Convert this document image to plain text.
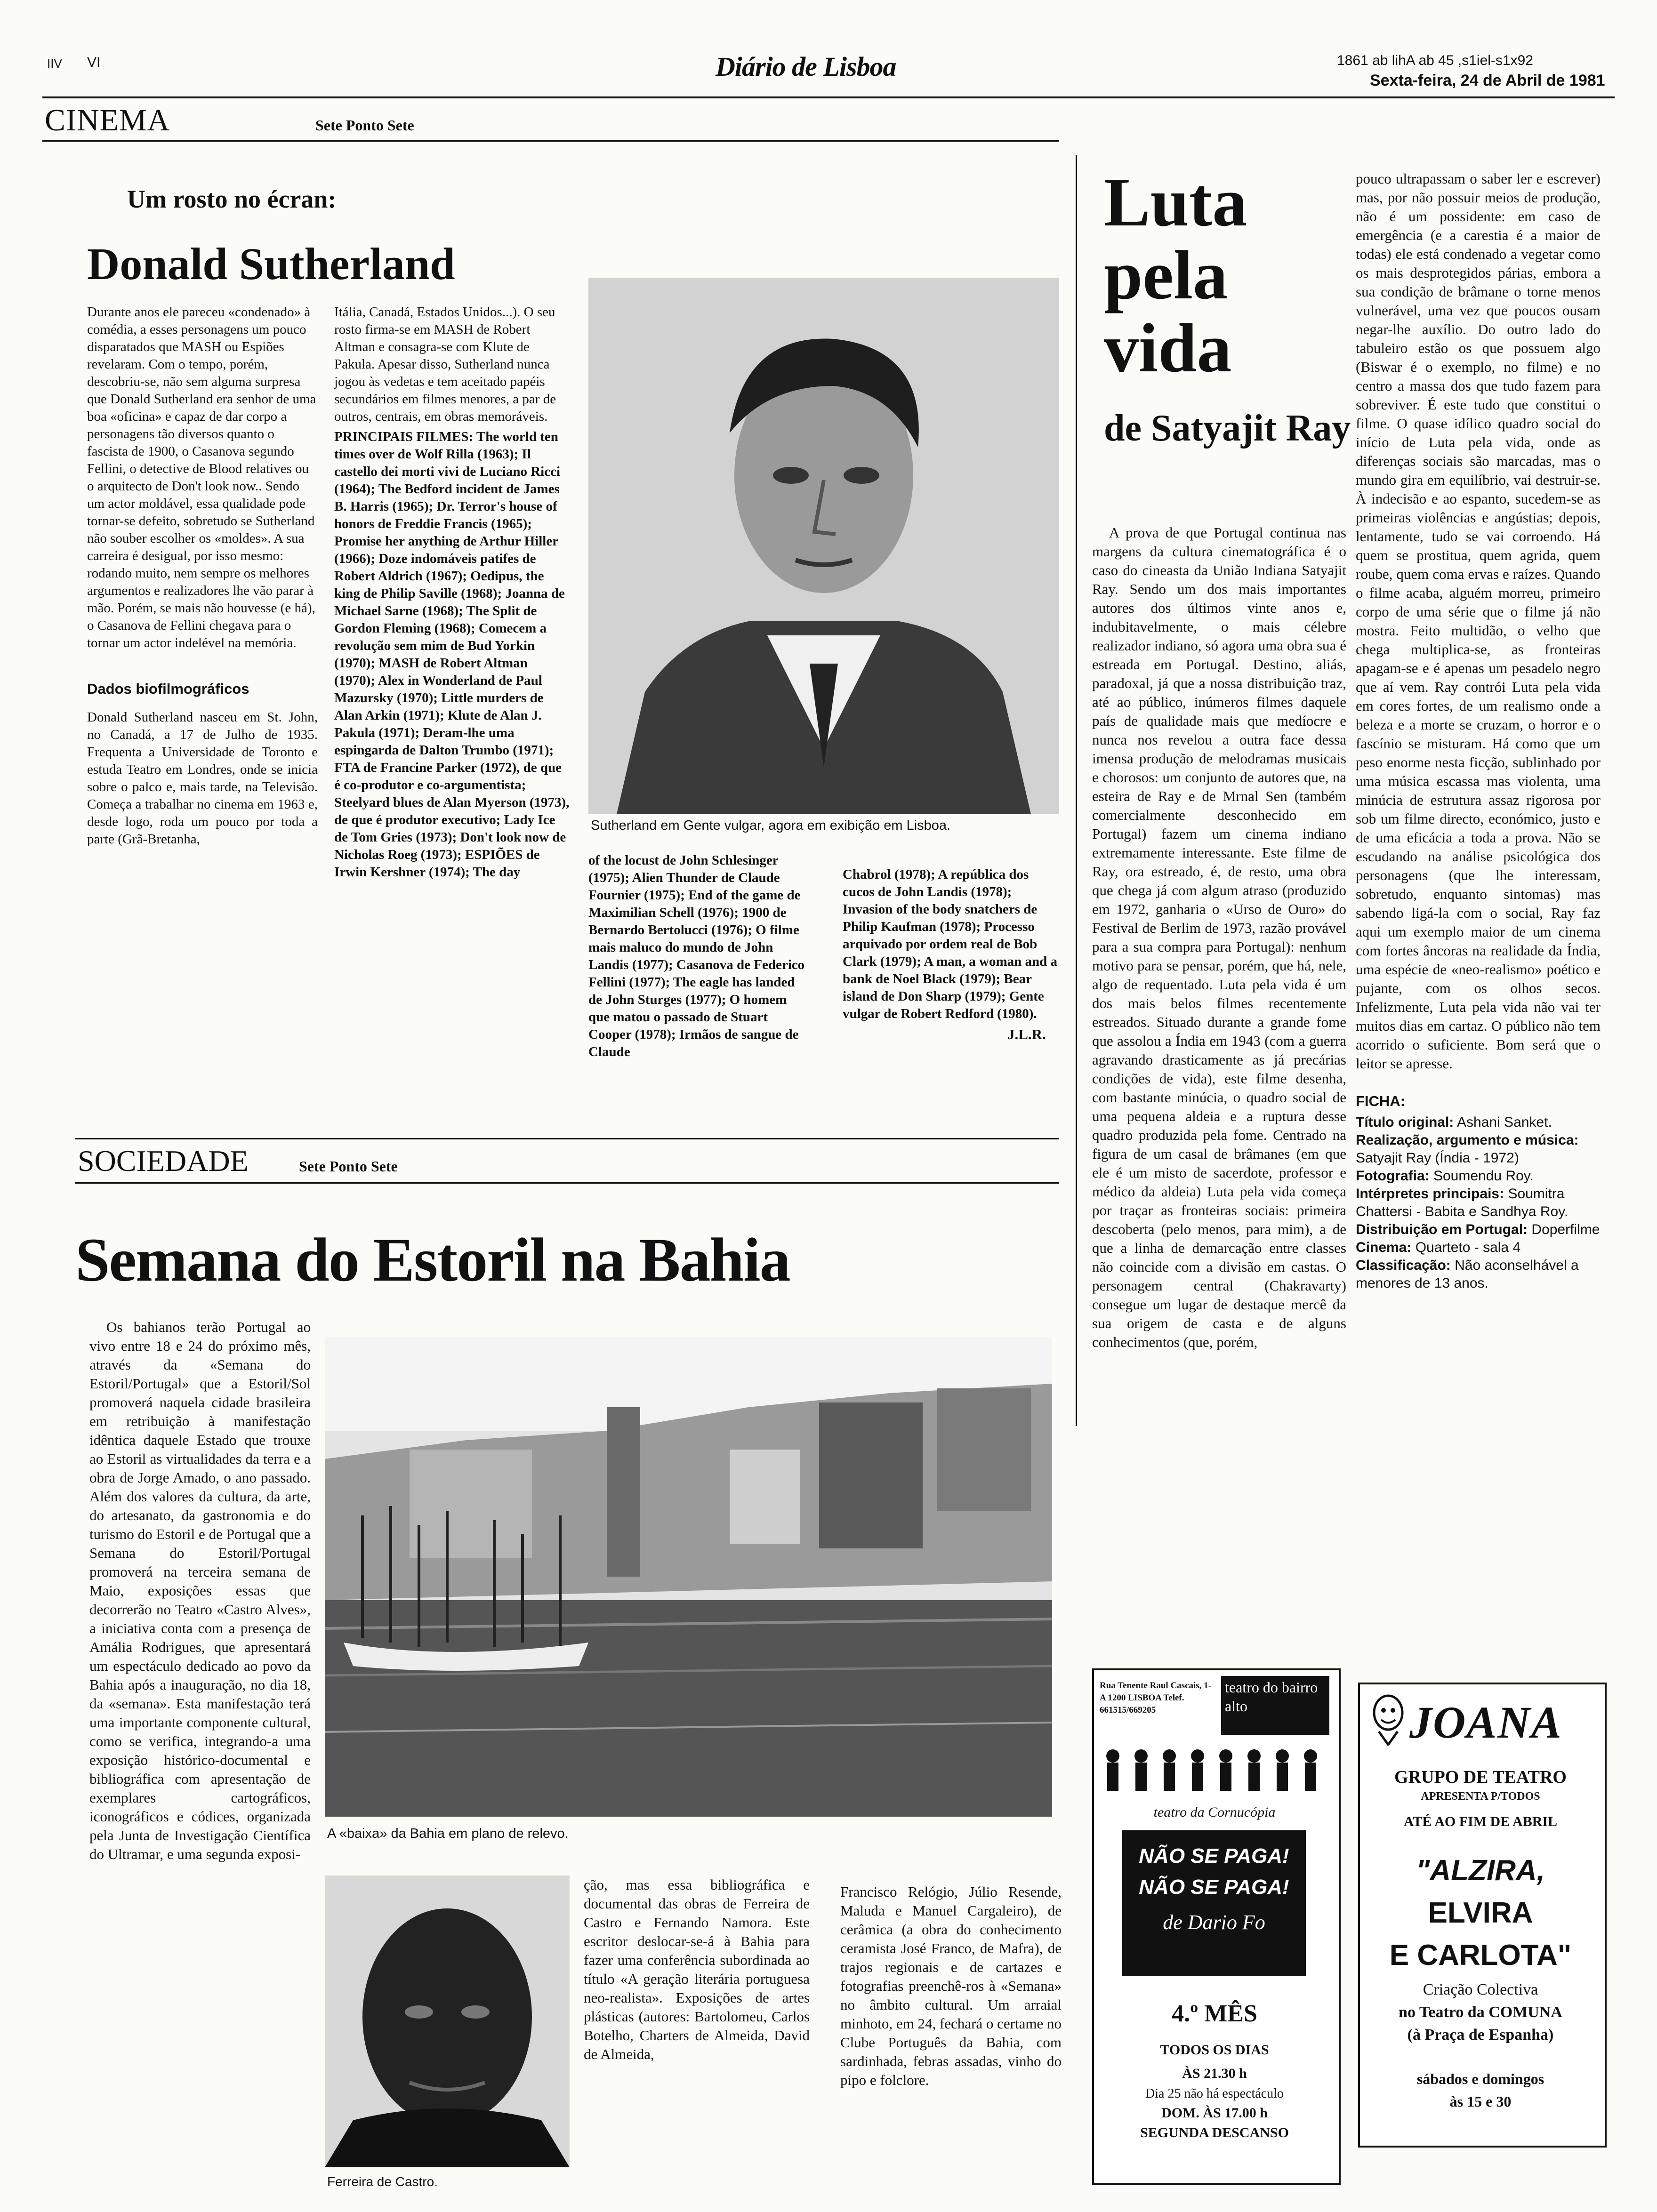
IIV VI	Diário de Lisboa	1861 ab lihA ab 45 ,s1iel-s1x92
Sexta-feira, 24 de Abril de 1981
CINEMA	Sete Ponto Sete
Um rosto no écran:
Donald Sutherland

Durante anos ele pareceu «condenado» à comédia, a esses personagens um pouco disparatados que MASH ou Espiões revelaram. Com o tempo, porém, descobriu-se, não sem alguma surpresa que Donald Sutherland era senhor de uma boa «oficina» e capaz de dar corpo a personagens tão diversos quanto o fascista de 1900, o Casanova segundo Fellini, o detective de Blood relatives ou o arquitecto de Don't look now.. Sendo um actor moldável, essa qualidade pode tornar-se defeito, sobretudo se Sutherland não souber escolher os «moldes». A sua carreira é desigual, por isso mesmo: rodando muito, nem sempre os melhores argumentos e realizadores lhe vão parar à mão. Porém, se mais não houvesse (e há), o Casanova de Fellini chegava para o tornar um actor indelével na memória.

Dados biofilmográficos

Donald Sutherland nasceu em St. John, no Canadá, a 17 de Julho de 1935. Frequenta a Universidade de Toronto e estuda Teatro em Londres, onde se inicia sobre o palco e, mais tarde, na Televisão. Começa a trabalhar no cinema em 1963 e, desde logo, roda um pouco por toda a parte (Grã-Bretanha,

Itália, Canadá, Estados Unidos...). O seu rosto firma-se em MASH de Robert Altman e consagra-se com Klute de Pakula. Apesar disso, Sutherland nunca jogou às vedetas e tem aceitado papéis secundários em filmes menores, a par de outros, centrais, em obras memoráveis.

PRINCIPAIS FILMES: The world ten times over de Wolf Rilla (1963); Il castello dei morti vivi de Luciano Ricci (1964); The Bedford incident de James B. Harris (1965); Dr. Terror's house of honors de Freddie Francis (1965); Promise her anything de Arthur Hiller (1966); Doze indomáveis patifes de Robert Aldrich (1967); Oedipus, the king de Philip Saville (1968); Joanna de Michael Sarne (1968); The Split de Gordon Fleming (1968); Comecem a revolução sem mim de Bud Yorkin (1970); MASH de Robert Altman (1970); Alex in Wonderland de Paul Mazursky (1970); Little murders de Alan Arkin (1971); Klute de Alan J. Pakula (1971); Deram-lhe uma espingarda de Dalton Trumbo (1971); FTA de Francine Parker (1972), de que é co-produtor e co-argumentista; Steelyard blues de Alan Myerson (1973), de que é produtor executivo; Lady Ice de Tom Gries (1973); Don't look now de Nicholas Roeg (1973); ESPIÕES de Irwin Kershner (1974); The day

Sutherland em Gente vulgar, agora em exibição em Lisboa.

of the locust de John Schlesinger (1975); Alien Thunder de Claude Fournier (1975); End of the game de Maximilian Schell (1976); 1900 de Bernardo Bertolucci (1976); O filme mais maluco do mundo de John Landis (1977); Casanova de Federico Fellini (1977); The eagle has landed de John Sturges (1977); O homem que matou o passado de Stuart Cooper (1978); Irmãos de sangue de Claude

Chabrol (1978); A república dos cucos de John Landis (1978); Invasion of the body snatchers de Philip Kaufman (1978); Processo arquivado por ordem real de Bob Clark (1979); A man, a woman and a bank de Noel Black (1979); Bear island de Don Sharp (1979); Gente vulgar de Robert Redford (1980).

J.L.R.
Luta
pela
vida
de Satyajit Ray

A prova de que Portugal continua nas margens da cultura cinematográfica é o caso do cineasta da União Indiana Satyajit Ray. Sendo um dos mais importantes autores dos últimos vinte anos e, indubitavelmente, o mais célebre realizador indiano, só agora uma obra sua é estreada em Portugal. Destino, aliás, paradoxal, já que a nossa distribuição traz, até ao público, inúmeros filmes daquele país de qualidade mais que medíocre e nunca nos revelou a outra face dessa imensa produção de melodramas musicais e chorosos: um conjunto de autores que, na esteira de Ray e de Mrnal Sen (também comercialmente desconhecido em Portugal) fazem um cinema indiano extremamente interessante. Este filme de Ray, ora estreado, é, de resto, uma obra que chega já com algum atraso (produzido em 1972, ganharia o «Urso de Ouro» do Festival de Berlim de 1973, razão provável para a sua compra para Portugal): nenhum motivo para se pensar, porém, que há, nele, algo de requentado. Luta pela vida é um dos mais belos filmes recentemente estreados. Situado durante a grande fome que assolou a Índia em 1943 (com a guerra agravando drasticamente as já precárias condições de vida), este filme desenha, com bastante minúcia, o quadro social de uma pequena aldeia e a ruptura desse quadro produzida pela fome. Centrado na figura de um casal de brâmanes (em que ele é um misto de sacerdote, professor e médico da aldeia) Luta pela vida começa por traçar as fronteiras sociais: primeira descoberta (pelo menos, para mim), a de que a linha de demarcação entre classes não coincide com a divisão em castas. O personagem central (Chakravarty) consegue um lugar de destaque mercê da sua origem de casta e de alguns conhecimentos (que, porém,

pouco ultrapassam o saber ler e escrever) mas, por não possuir meios de produção, não é um possidente: em caso de emergência (e a carestia é a maior de todas) ele está condenado a vegetar como os mais desprotegidos párias, embora a sua condição de brâmane o torne menos vulnerável, uma vez que poucos ousam negar-lhe auxílio. Do outro lado do tabuleiro estão os que possuem algo (Biswar é o exemplo, no filme) e no centro a massa dos que tudo fazem para sobreviver. É este tudo que constitui o filme. O quase idílico quadro social do início de Luta pela vida, onde as diferenças sociais são marcadas, mas o mundo gira em equilíbrio, vai destruir-se. À indecisão e ao espanto, sucedem-se as primeiras violências e angústias; depois, lentamente, tudo se vai corroendo. Há quem se prostitua, quem agrida, quem roube, quem coma ervas e raízes. Quando o filme acaba, alguém morreu, primeiro corpo de uma série que o filme já não mostra. Feito multidão, o velho que chega multiplica-se, as fronteiras apagam-se e é apenas um pesadelo negro que aí vem. Ray contrói Luta pela vida em cores fortes, de um realismo onde a beleza e a morte se cruzam, o horror e o fascínio se misturam. Há como que um peso enorme nesta ficção, sublinhado por uma música escassa mas violenta, uma minúcia de estrutura assaz rigorosa por sob um filme directo, económico, justo e de uma eficácia a toda a prova. Não se escudando na análise psicológica dos personagens (que lhe interessam, sobretudo, enquanto sintomas) mas sabendo ligá-la com o social, Ray faz aqui um exemplo maior de um cinema com fortes âncoras na realidade da Índia, uma espécie de «neo-realismo» poético e pujante, com os olhos secos. Infelizmente, Luta pela vida não vai ter muitos dias em cartaz. O público não tem acorrido o suficiente. Bom será que o leitor se apresse.

FICHA:

Título original: Ashani Sanket.
Realização, argumento e música: Satyajit Ray (Índia - 1972)
Fotografia: Soumendu Roy.
Intérpretes principais: Soumitra Chattersi - Babita e Sandhya Roy.
Distribuição em Portugal: Doperfilme
Cinema: Quarteto - sala 4
Classificação: Não aconselhável a menores de 13 anos.
SOCIEDADE	Sete Ponto Sete
Semana do Estoril na Bahia

Os bahianos terão Portugal ao vivo entre 18 e 24 do próximo mês, através da «Semana do Estoril/Portugal» que a Estoril/Sol promoverá naquela cidade brasileira em retribuição à manifestação idêntica daquele Estado que trouxe ao Estoril as virtualidades da terra e a obra de Jorge Amado, o ano passado. Além dos valores da cultura, da arte, do artesanato, da gastronomia e do turismo do Estoril e de Portugal que a Semana do Estoril/Portugal promoverá na terceira semana de Maio, exposições essas que decorrerão no Teatro «Castro Alves», a iniciativa conta com a presença de Amália Rodrigues, que apresentará um espectáculo dedicado ao povo da Bahia após a inauguração, no dia 18, da «semana». Esta manifestação terá uma importante componente cultural, como se verifica, integrando-a uma exposição histórico-documental e bibliográfica com apresentação de exemplares cartográficos, iconográficos e códices, organizada pela Junta de Investigação Científica do Ultramar, e uma segunda exposi-

A «baixa» da Bahia em plano de relevo.
Ferreira de Castro.

ção, mas essa bibliográfica e documental das obras de Ferreira de Castro e Fernando Namora. Este escritor deslocar-se-á à Bahia para fazer uma conferência subordinada ao título «A geração literária portuguesa neo-realista». Exposições de artes plásticas (autores: Bartolomeu, Carlos Botelho, Charters de Almeida, David de Almeida,

Francisco Relógio, Júlio Resende, Maluda e Manuel Cargaleiro), de cerâmica (a obra do conhecimento ceramista José Franco, de Mafra), de trajos regionais e de cartazes e fotografias preenchê-ros à «Semana» no âmbito cultural. Um arraial minhoto, em 24, fechará o certame no Clube Português da Bahia, com sardinhada, febras assadas, vinho do pipo e folclore.

Rua Tenente Raul Cascais, 1-A 1200 LISBOA Telef. 661515/669205
teatro do bairro alto
teatro da Cornucópia
NÃO SE PAGA!
NÃO SE PAGA!
de Dario Fo
4.º MÊS
TODOS OS DIAS
ÀS 21.30 h
Dia 25 não há espectáculo
DOM. ÀS 17.00 h
SEGUNDA DESCANSO
JOANA
GRUPO DE TEATRO
APRESENTA P/TODOS
ATÉ AO FIM DE ABRIL
"ALZIRA,
ELVIRA
E CARLOTA"
Criação Colectiva
no Teatro da COMUNA
(à Praça de Espanha)
sábados e domingos
às 15 e 30
